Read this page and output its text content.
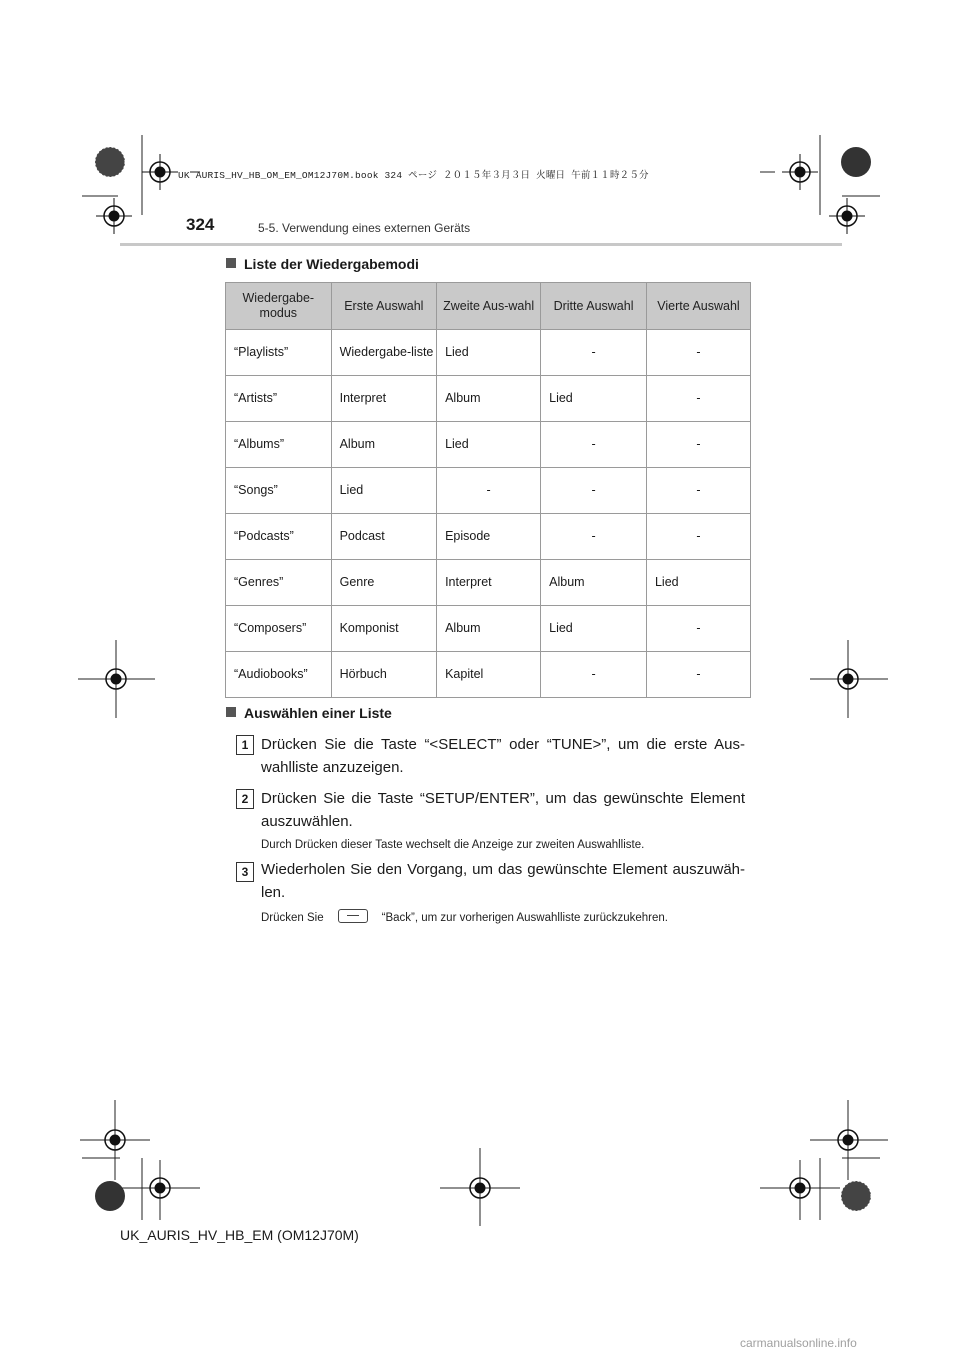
UK AURIS_HV_HB_OM_EM_OM12J70M.book 324 ページ ２０１５年３月３日 火曜日 午前１１時２５分
324	5-5. Verwendung eines externen Geräts
Liste der Wiedergabemodi
Wiedergabe-modus	Erste Auswahl	Zweite Aus-wahl	Dritte Auswahl	Vierte Auswahl
“Playlists”	Wiedergabe-liste	Lied	-	-
“Artists”	Interpret	Album	Lied	-
“Albums”	Album	Lied	-	-
“Songs”	Lied	-	-	-
“Podcasts”	Podcast	Episode	-	-
“Genres”	Genre	Interpret	Album	Lied
“Composers”	Komponist	Album	Lied	-
“Audiobooks”	Hörbuch	Kapitel	-	-
Auswählen einer Liste
1 Drücken Sie die Taste “<SELECT” oder “TUNE>”, um die erste Aus-wahlliste anzuzeigen.
2 Drücken Sie die Taste “SETUP/ENTER”, um das gewünschte Element auszuwählen.
Durch Drücken dieser Taste wechselt die Anzeige zur zweiten Auswahlliste.
3 Wiederholen Sie den Vorgang, um das gewünschte Element auszuwäh-len.
Drücken Sie	“Back”, um zur vorherigen Auswahlliste zurückzukehren.
UK_AURIS_HV_HB_EM (OM12J70M)
carmanualsonline.info
